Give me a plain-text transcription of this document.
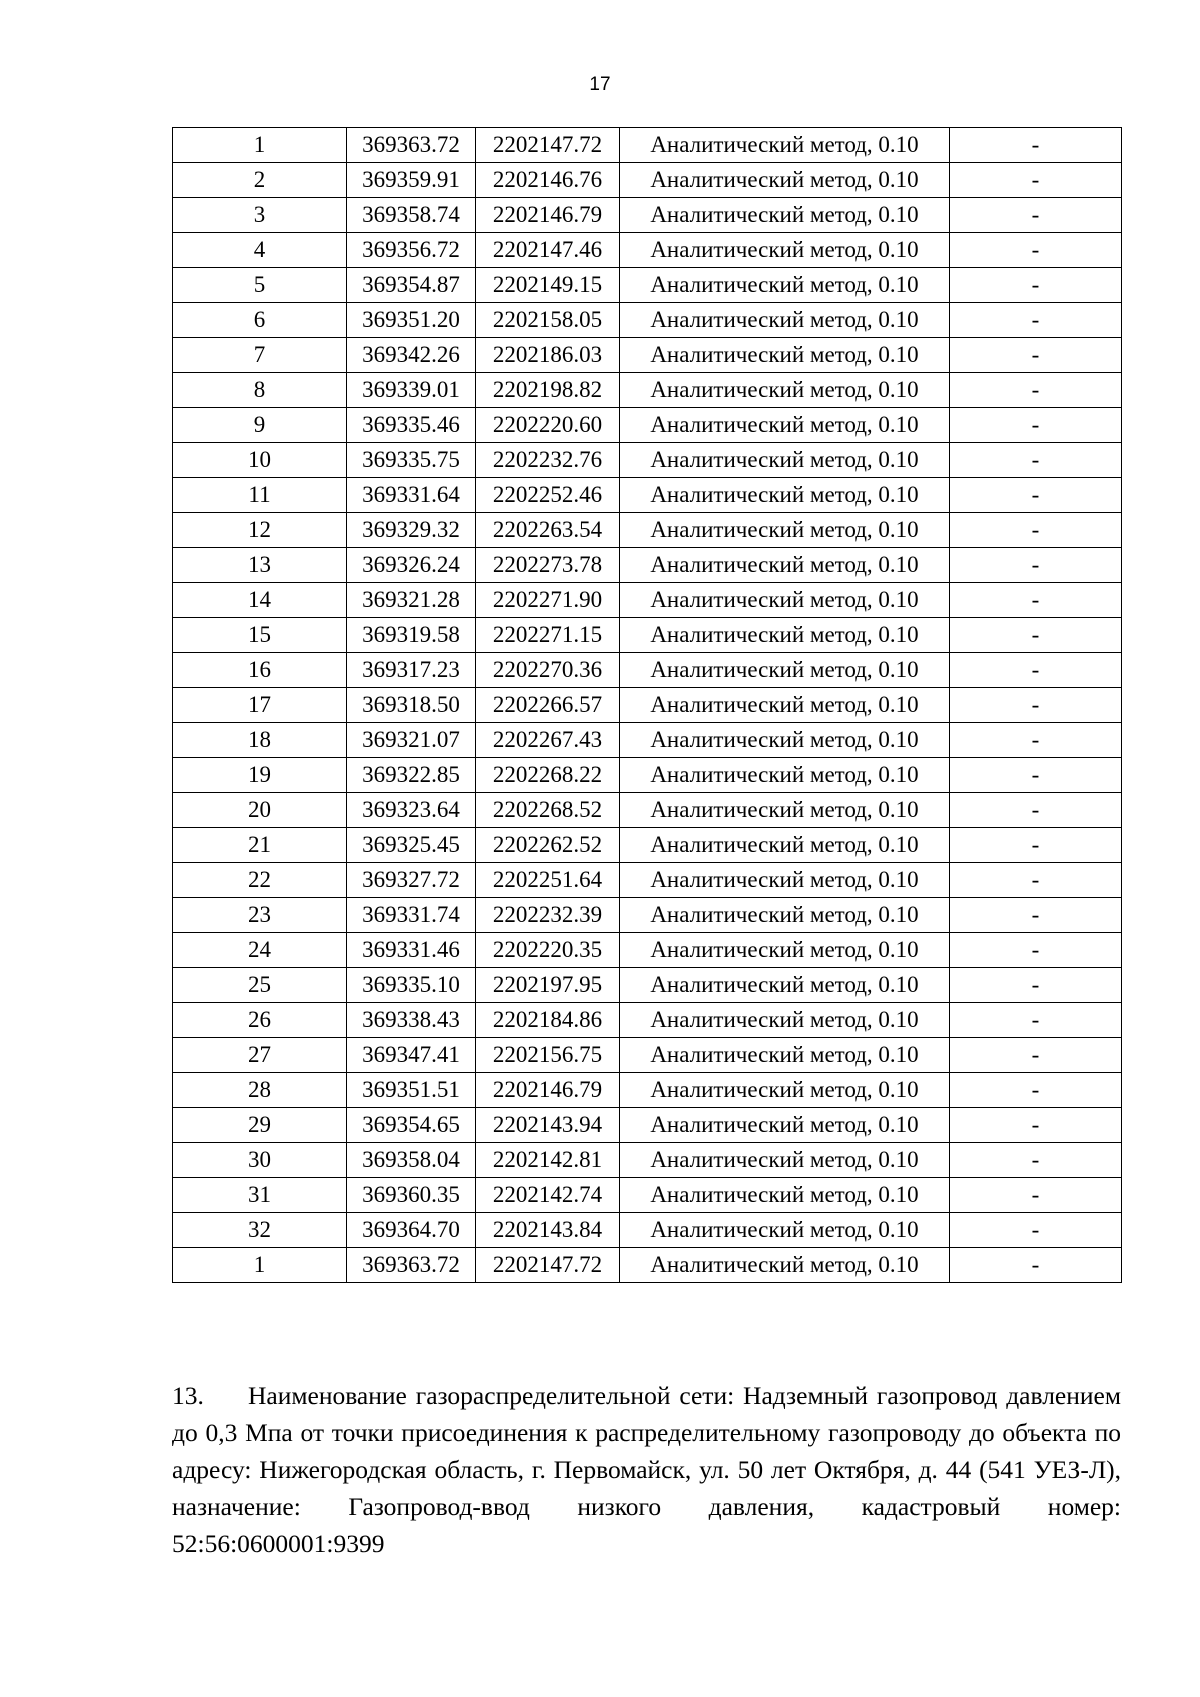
17
1	369363.72	2202147.72	Аналитический метод, 0.10	-
2	369359.91	2202146.76	Аналитический метод, 0.10	-
3	369358.74	2202146.79	Аналитический метод, 0.10	-
4	369356.72	2202147.46	Аналитический метод, 0.10	-
5	369354.87	2202149.15	Аналитический метод, 0.10	-
6	369351.20	2202158.05	Аналитический метод, 0.10	-
7	369342.26	2202186.03	Аналитический метод, 0.10	-
8	369339.01	2202198.82	Аналитический метод, 0.10	-
9	369335.46	2202220.60	Аналитический метод, 0.10	-
10	369335.75	2202232.76	Аналитический метод, 0.10	-
11	369331.64	2202252.46	Аналитический метод, 0.10	-
12	369329.32	2202263.54	Аналитический метод, 0.10	-
13	369326.24	2202273.78	Аналитический метод, 0.10	-
14	369321.28	2202271.90	Аналитический метод, 0.10	-
15	369319.58	2202271.15	Аналитический метод, 0.10	-
16	369317.23	2202270.36	Аналитический метод, 0.10	-
17	369318.50	2202266.57	Аналитический метод, 0.10	-
18	369321.07	2202267.43	Аналитический метод, 0.10	-
19	369322.85	2202268.22	Аналитический метод, 0.10	-
20	369323.64	2202268.52	Аналитический метод, 0.10	-
21	369325.45	2202262.52	Аналитический метод, 0.10	-
22	369327.72	2202251.64	Аналитический метод, 0.10	-
23	369331.74	2202232.39	Аналитический метод, 0.10	-
24	369331.46	2202220.35	Аналитический метод, 0.10	-
25	369335.10	2202197.95	Аналитический метод, 0.10	-
26	369338.43	2202184.86	Аналитический метод, 0.10	-
27	369347.41	2202156.75	Аналитический метод, 0.10	-
28	369351.51	2202146.79	Аналитический метод, 0.10	-
29	369354.65	2202143.94	Аналитический метод, 0.10	-
30	369358.04	2202142.81	Аналитический метод, 0.10	-
31	369360.35	2202142.74	Аналитический метод, 0.10	-
32	369364.70	2202143.84	Аналитический метод, 0.10	-
1	369363.72	2202147.72	Аналитический метод, 0.10	-

13. Наименование газораспределительной сети: Надземный газопровод давлением до 0,3 Мпа от точки присоединения к распределительному газопроводу до объекта по адресу: Нижегородская область, г. Первомайск, ул. 50 лет Октября, д. 44 (541 УЕЗ-Л), назначение: Газопровод-ввод низкого давления, кадастровый номер: 52:56:0600001:9399
